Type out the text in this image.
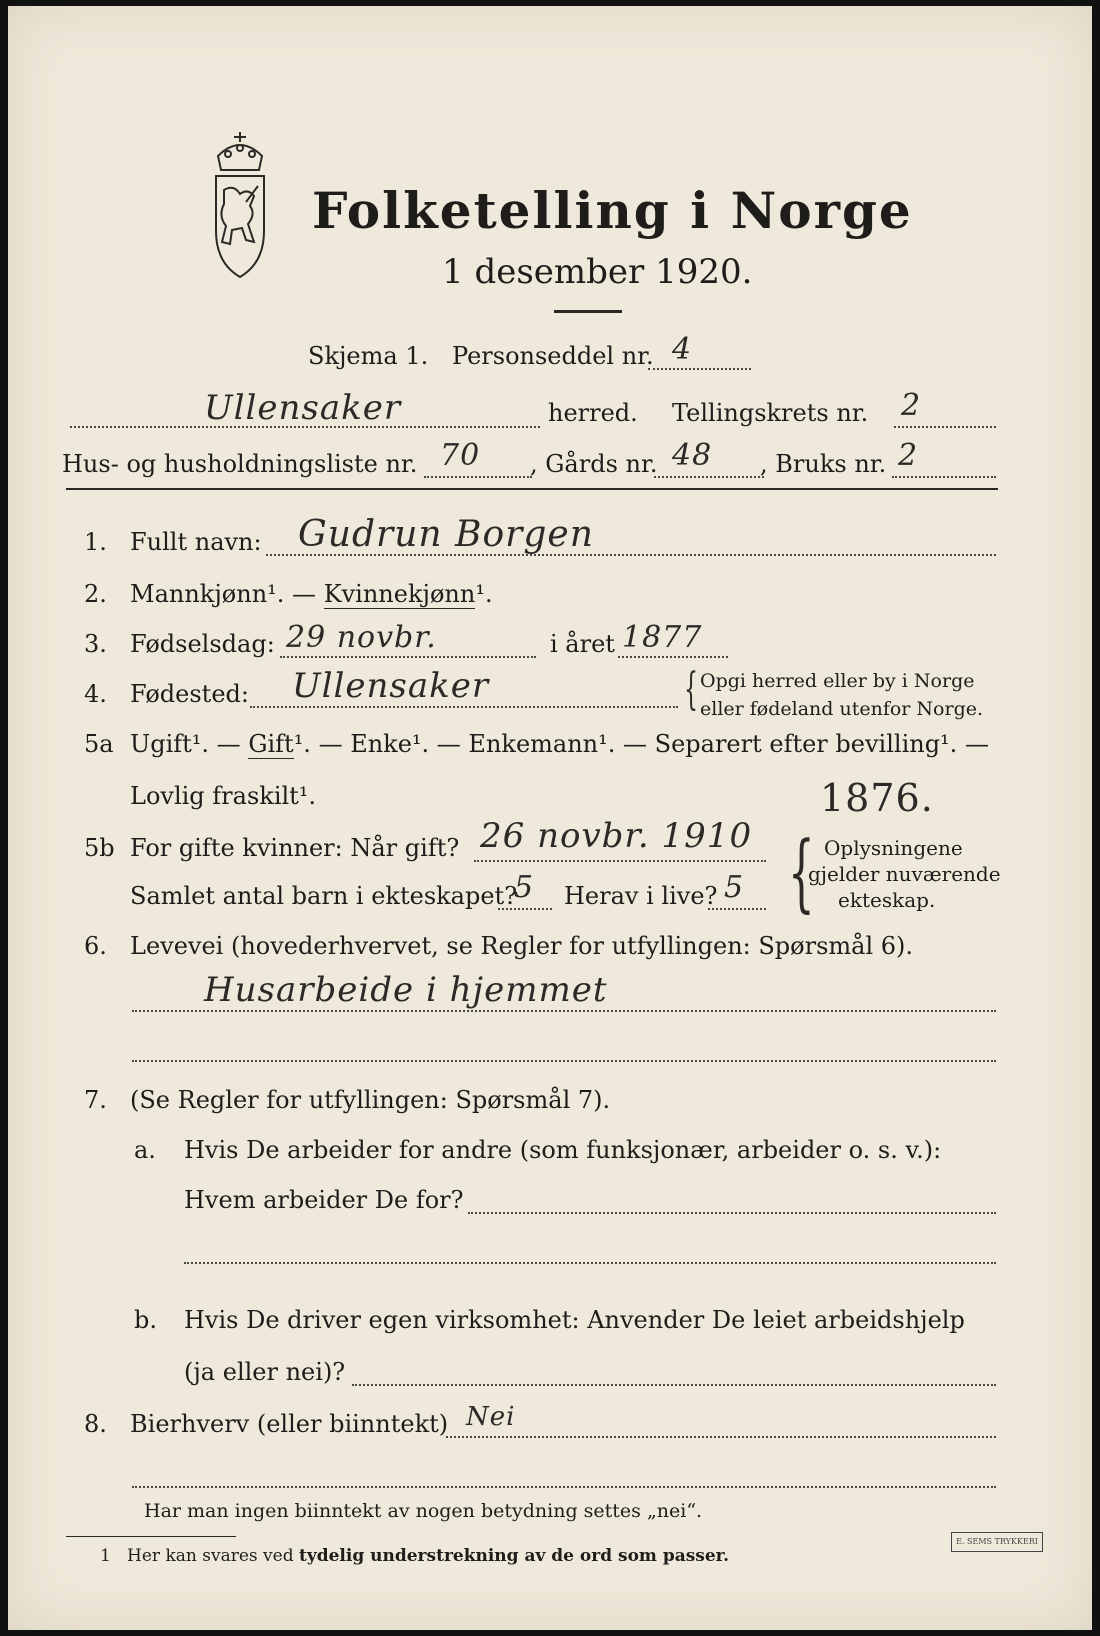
Folketelling i Norge
1 desember 1920.
Skjema 1. Personseddel nr. 4
Ullensaker	herred. Tellingskrets nr. 2
Hus- og husholdningsliste nr. 70 , Gårds nr. 48 , Bruks nr. 2
1. Fullt navn: Gudrun Borgen
2. Mannkjønn¹. — Kvinnekjønn¹.
3. Fødselsdag: 29 novbr.	i året 1877
4. Fødested: Ullensaker	{ Opgi herred eller by i Norge
eller fødeland utenfor Norge.
5a Ugift¹. — Gift¹. — Enke¹. — Enkemann¹. — Separert efter bevilling¹. —
Lovlig fraskilt¹.	1876.
5b For gifte kvinner: Når gift? 26 novbr. 1910
Samlet antal barn i ekteskapet?
5 Herav i live? 5 { Oplysningene
gjelder nuværende
ekteskap.
6. Levevei (hovederhvervet, se Regler for utfyllingen: Spørsmål 6).
Husarbeide i hjemmet
7. (Se Regler for utfyllingen: Spørsmål 7).
a. Hvis De arbeider for andre (som funksjonær, arbeider o. s. v.):
Hvem arbeider De for?
b. Hvis De driver egen virksomhet: Anvender De leiet arbeidshjelp
(ja eller nei)?
8. Bierhverv (eller biinntekt) Nei
Har man ingen biinntekt av nogen betydning settes „nei“.
1 Her kan svares ved tydelig understrekning av de ord som passer.
E. SEMS TRYKKERI
